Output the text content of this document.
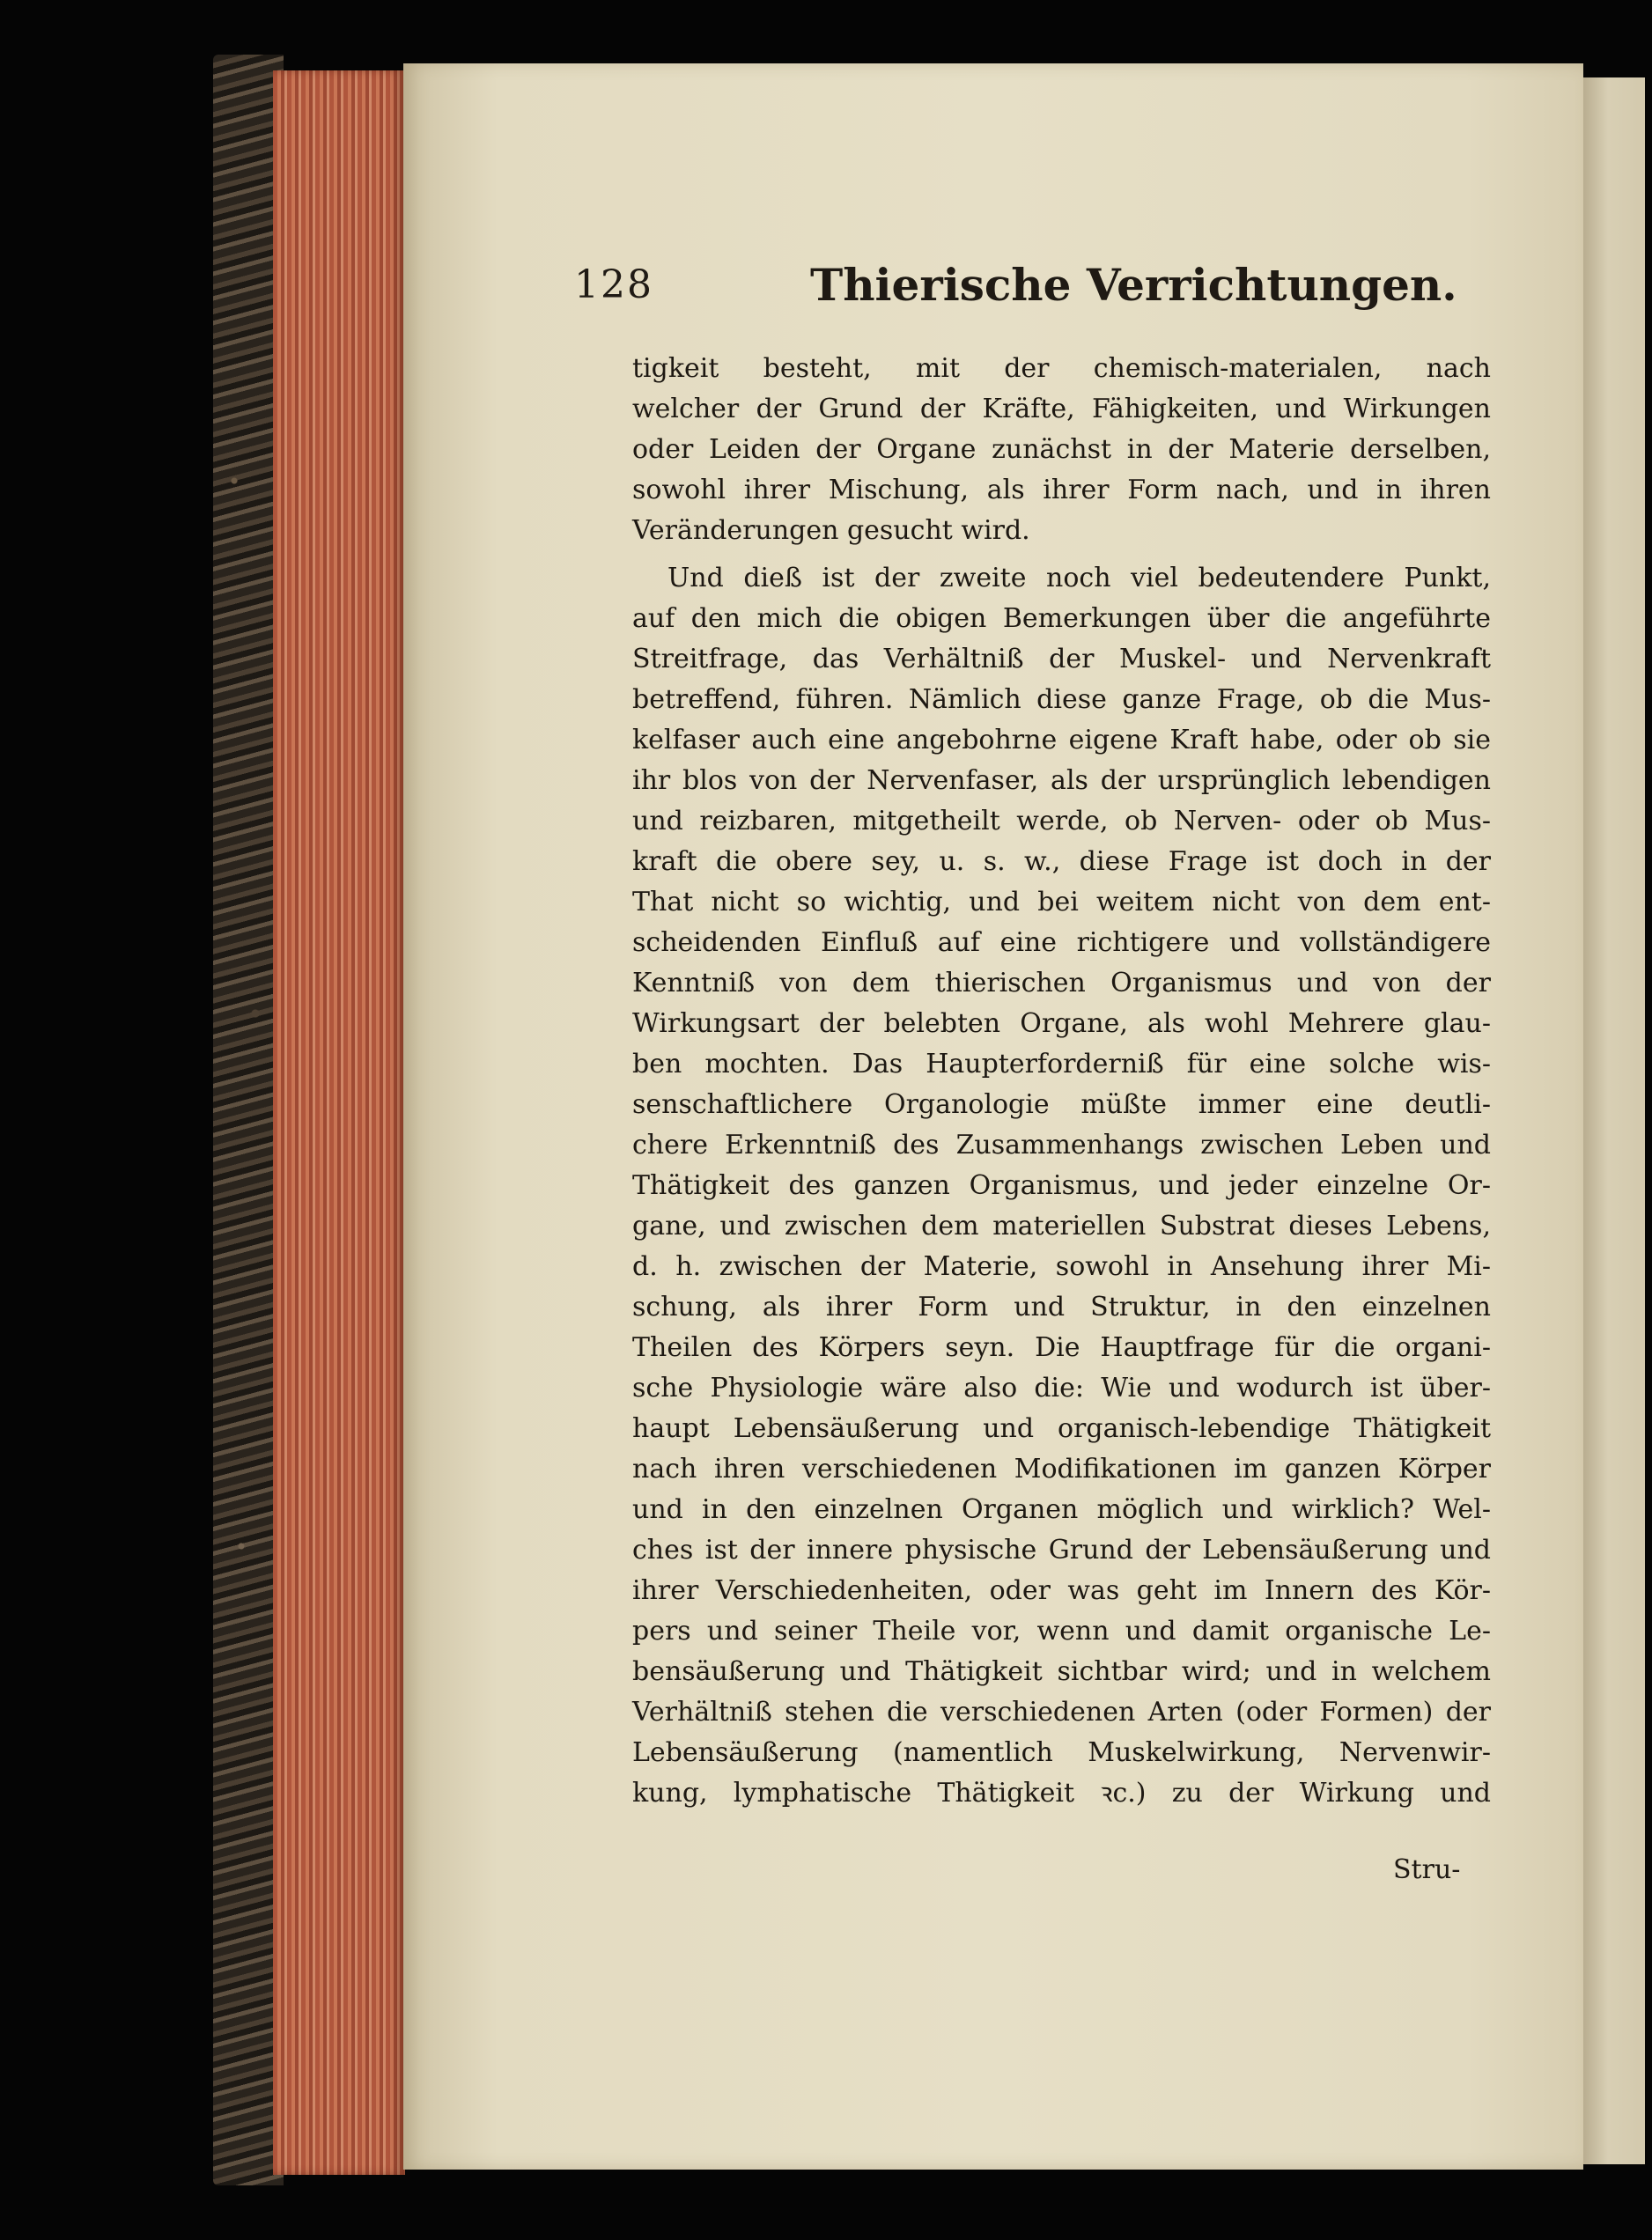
128	Thierische Verrichtungen.
tigkeit besteht, mit der chemisch-materialen, nach
welcher der Grund der Kräfte, Fähigkeiten, und Wirkungen
oder Leiden der Organe zunächst in der Materie derselben,
sowohl ihrer Mischung, als ihrer Form nach, und in ihren
Veränderungen gesucht wird.
Und dieß ist der zweite noch viel bedeutendere Punkt,
auf den mich die obigen Bemerkungen über die angeführte
Streitfrage, das Verhältniß der Muskel- und Nervenkraft
betreffend, führen. Nämlich diese ganze Frage, ob die Mus-
kelfaser auch eine angebohrne eigene Kraft habe, oder ob sie
ihr blos von der Nervenfaser, als der ursprünglich lebendigen
und reizbaren, mitgetheilt werde, ob Nerven- oder ob Mus-
kraft die obere sey, u. s. w., diese Frage ist doch in der
That nicht so wichtig, und bei weitem nicht von dem ent-
scheidenden Einfluß auf eine richtigere und vollständigere
Kenntniß von dem thierischen Organismus und von der
Wirkungsart der belebten Organe, als wohl Mehrere glau-
ben mochten. Das Haupterforderniß für eine solche wis-
senschaftlichere Organologie müßte immer eine deutli-
chere Erkenntniß des Zusammenhangs zwischen Leben und
Thätigkeit des ganzen Organismus, und jeder einzelne Or-
gane, und zwischen dem materiellen Substrat dieses Lebens,
d. h. zwischen der Materie, sowohl in Ansehung ihrer Mi-
schung, als ihrer Form und Struktur, in den einzelnen
Theilen des Körpers seyn. Die Hauptfrage für die organi-
sche Physiologie wäre also die: Wie und wodurch ist über-
haupt Lebensäußerung und organisch-lebendige Thätigkeit
nach ihren verschiedenen Modifikationen im ganzen Körper
und in den einzelnen Organen möglich und wirklich? Wel-
ches ist der innere physische Grund der Lebensäußerung und
ihrer Verschiedenheiten, oder was geht im Innern des Kör-
pers und seiner Theile vor, wenn und damit organische Le-
bensäußerung und Thätigkeit sichtbar wird; und in welchem
Verhältniß stehen die verschiedenen Arten (oder Formen) der
Lebensäußerung (namentlich Muskelwirkung, Nervenwir-
kung, lymphatische Thätigkeit ꝛc.) zu der Wirkung und
Stru-
